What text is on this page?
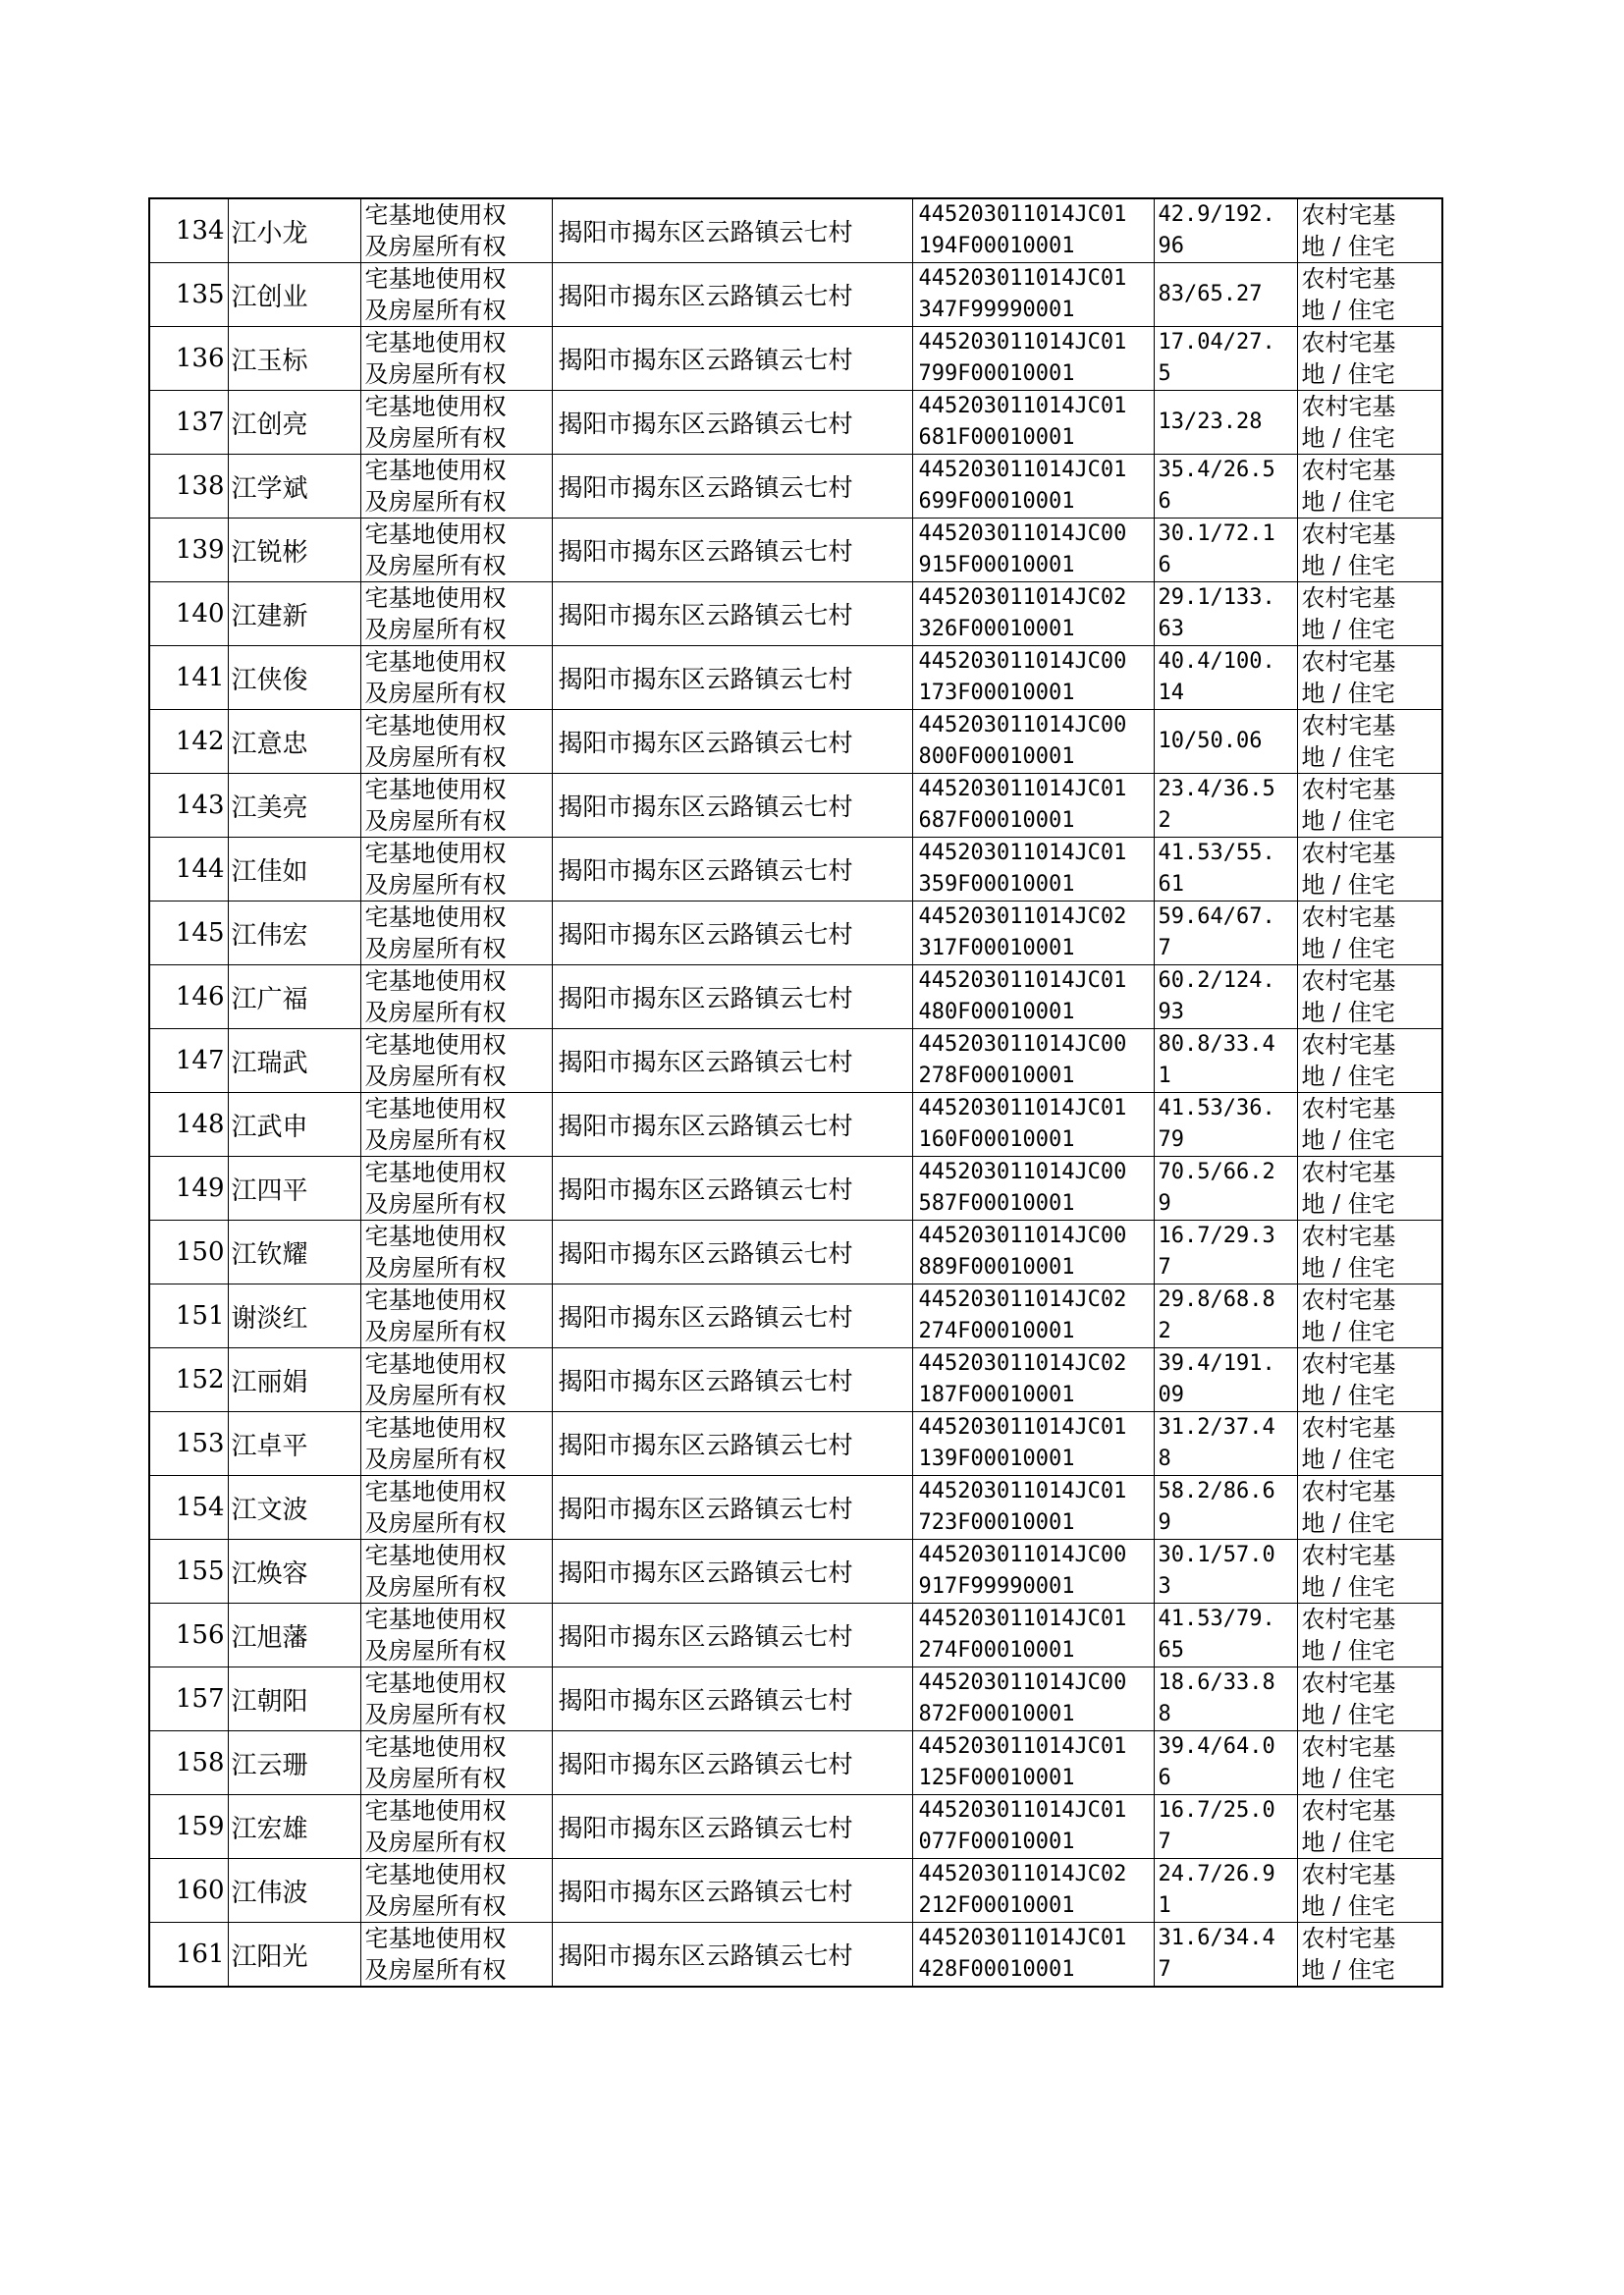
134	江小龙	宅基地使用权
及房屋所有权	揭阳市揭东区云路镇云七村	445203011014JC01
194F00010001	42.9/192.
96	农村宅基
地 / 住宅

135	江创业	宅基地使用权
及房屋所有权	揭阳市揭东区云路镇云七村	445203011014JC01
347F99990001	83/65.27	农村宅基
地 / 住宅

136	江玉标	宅基地使用权
及房屋所有权	揭阳市揭东区云路镇云七村	445203011014JC01
799F00010001	17.04/27.
5	农村宅基
地 / 住宅

137	江创亮	宅基地使用权
及房屋所有权	揭阳市揭东区云路镇云七村	445203011014JC01
681F00010001	13/23.28	农村宅基
地 / 住宅

138	江学斌	宅基地使用权
及房屋所有权	揭阳市揭东区云路镇云七村	445203011014JC01
699F00010001	35.4/26.5
6	农村宅基
地 / 住宅

139	江锐彬	宅基地使用权
及房屋所有权	揭阳市揭东区云路镇云七村	445203011014JC00
915F00010001	30.1/72.1
6	农村宅基
地 / 住宅

140	江建新	宅基地使用权
及房屋所有权	揭阳市揭东区云路镇云七村	445203011014JC02
326F00010001	29.1/133.
63	农村宅基
地 / 住宅

141	江侠俊	宅基地使用权
及房屋所有权	揭阳市揭东区云路镇云七村	445203011014JC00
173F00010001	40.4/100.
14	农村宅基
地 / 住宅

142	江意忠	宅基地使用权
及房屋所有权	揭阳市揭东区云路镇云七村	445203011014JC00
800F00010001	10/50.06	农村宅基
地 / 住宅

143	江美亮	宅基地使用权
及房屋所有权	揭阳市揭东区云路镇云七村	445203011014JC01
687F00010001	23.4/36.5
2	农村宅基
地 / 住宅

144	江佳如	宅基地使用权
及房屋所有权	揭阳市揭东区云路镇云七村	445203011014JC01
359F00010001	41.53/55.
61	农村宅基
地 / 住宅

145	江伟宏	宅基地使用权
及房屋所有权	揭阳市揭东区云路镇云七村	445203011014JC02
317F00010001	59.64/67.
7	农村宅基
地 / 住宅

146	江广福	宅基地使用权
及房屋所有权	揭阳市揭东区云路镇云七村	445203011014JC01
480F00010001	60.2/124.
93	农村宅基
地 / 住宅

147	江瑞武	宅基地使用权
及房屋所有权	揭阳市揭东区云路镇云七村	445203011014JC00
278F00010001	80.8/33.4
1	农村宅基
地 / 住宅

148	江武申	宅基地使用权
及房屋所有权	揭阳市揭东区云路镇云七村	445203011014JC01
160F00010001	41.53/36.
79	农村宅基
地 / 住宅

149	江四平	宅基地使用权
及房屋所有权	揭阳市揭东区云路镇云七村	445203011014JC00
587F00010001	70.5/66.2
9	农村宅基
地 / 住宅

150	江钦耀	宅基地使用权
及房屋所有权	揭阳市揭东区云路镇云七村	445203011014JC00
889F00010001	16.7/29.3
7	农村宅基
地 / 住宅

151	谢淡红	宅基地使用权
及房屋所有权	揭阳市揭东区云路镇云七村	445203011014JC02
274F00010001	29.8/68.8
2	农村宅基
地 / 住宅

152	江丽娟	宅基地使用权
及房屋所有权	揭阳市揭东区云路镇云七村	445203011014JC02
187F00010001	39.4/191.
09	农村宅基
地 / 住宅

153	江卓平	宅基地使用权
及房屋所有权	揭阳市揭东区云路镇云七村	445203011014JC01
139F00010001	31.2/37.4
8	农村宅基
地 / 住宅

154	江文波	宅基地使用权
及房屋所有权	揭阳市揭东区云路镇云七村	445203011014JC01
723F00010001	58.2/86.6
9	农村宅基
地 / 住宅

155	江焕容	宅基地使用权
及房屋所有权	揭阳市揭东区云路镇云七村	445203011014JC00
917F99990001	30.1/57.0
3	农村宅基
地 / 住宅

156	江旭藩	宅基地使用权
及房屋所有权	揭阳市揭东区云路镇云七村	445203011014JC01
274F00010001	41.53/79.
65	农村宅基
地 / 住宅

157	江朝阳	宅基地使用权
及房屋所有权	揭阳市揭东区云路镇云七村	445203011014JC00
872F00010001	18.6/33.8
8	农村宅基
地 / 住宅

158	江云珊	宅基地使用权
及房屋所有权	揭阳市揭东区云路镇云七村	445203011014JC01
125F00010001	39.4/64.0
6	农村宅基
地 / 住宅

159	江宏雄	宅基地使用权
及房屋所有权	揭阳市揭东区云路镇云七村	445203011014JC01
077F00010001	16.7/25.0
7	农村宅基
地 / 住宅

160	江伟波	宅基地使用权
及房屋所有权	揭阳市揭东区云路镇云七村	445203011014JC02
212F00010001	24.7/26.9
1	农村宅基
地 / 住宅

161	江阳光	宅基地使用权
及房屋所有权	揭阳市揭东区云路镇云七村	445203011014JC01
428F00010001	31.6/34.4
7	农村宅基
地 / 住宅
